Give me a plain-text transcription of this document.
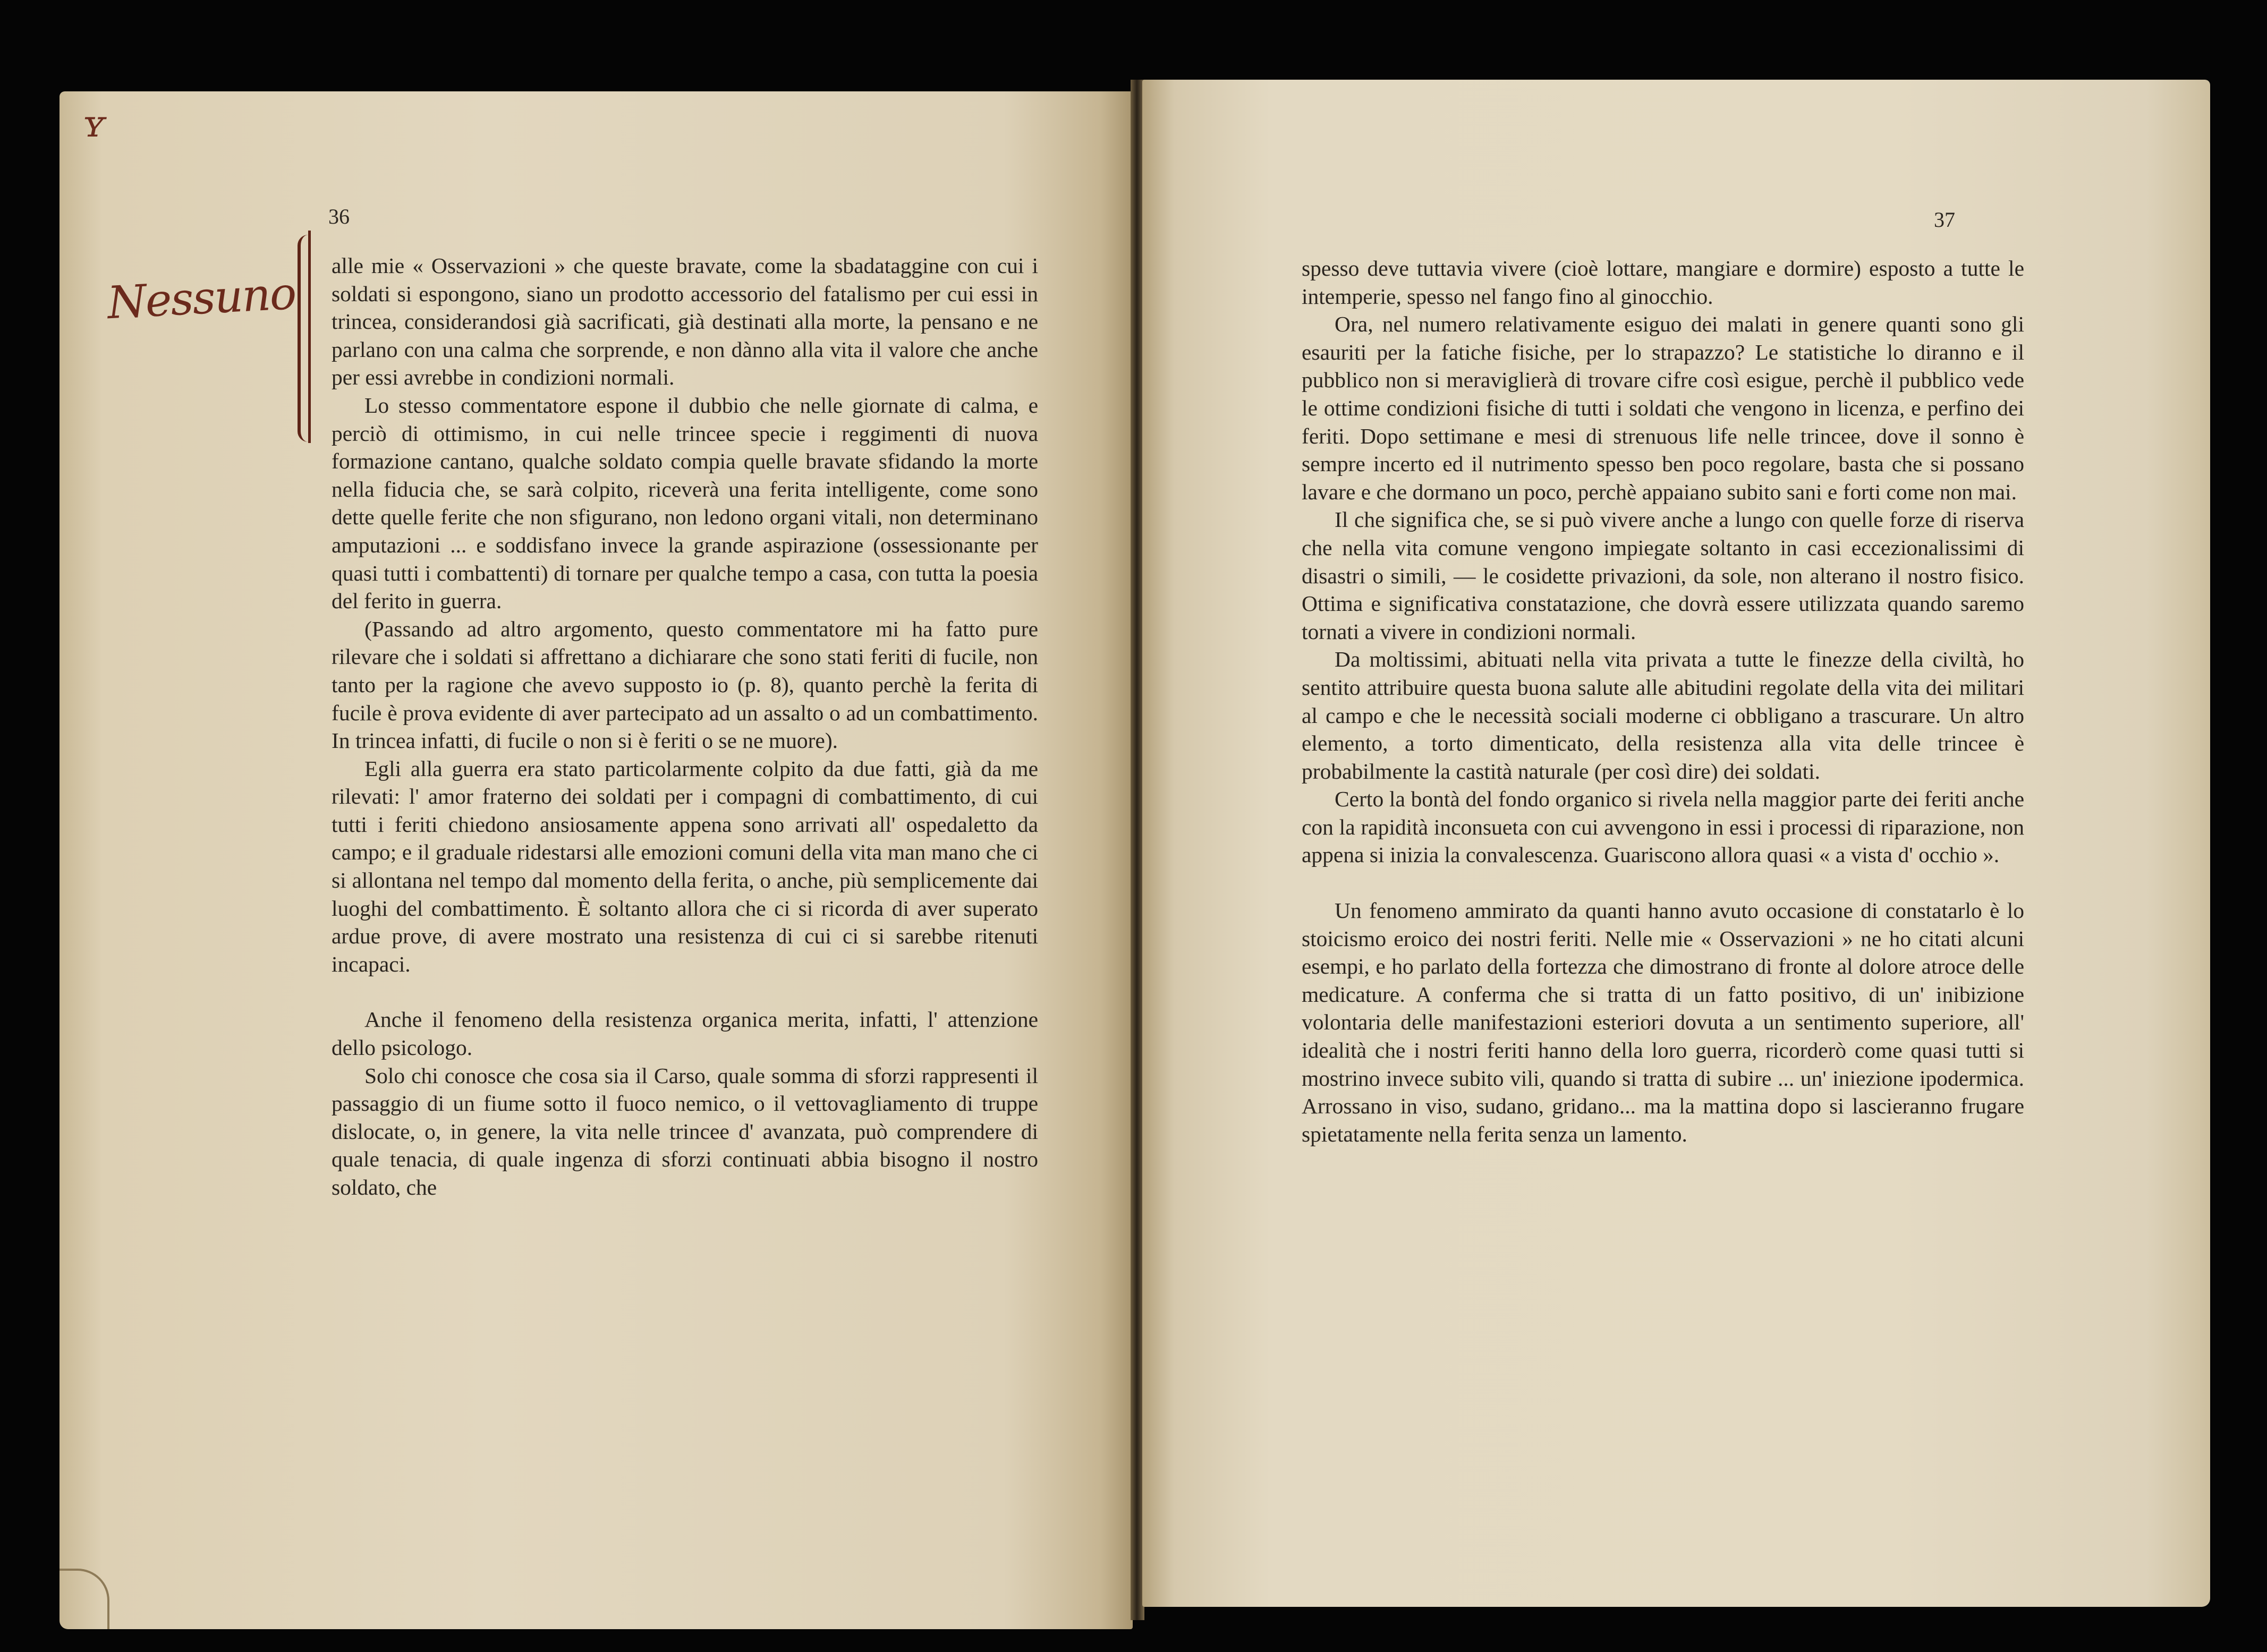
ʏ
36
Nessuno

alle mie « Osservazioni » che queste bravate, come la sbadataggine con cui i soldati si espongono, siano un prodotto accessorio del fatalismo per cui essi in trincea, considerandosi già sacrificati, già destinati alla morte, la pensano e ne parlano con una calma che sorprende, e non dànno alla vita il valore che anche per essi avrebbe in condizioni normali.

Lo stesso commentatore espone il dubbio che nelle giornate di calma, e perciò di ottimismo, in cui nelle trincee specie i reggimenti di nuova formazione cantano, qualche soldato compia quelle bravate sfidando la morte nella fiducia che, se sarà colpito, riceverà una ferita intelligente, come sono dette quelle ferite che non sfigurano, non ledono organi vitali, non determinano amputazioni ... e soddisfano invece la grande aspirazione (ossessionante per quasi tutti i combattenti) di tornare per qualche tempo a casa, con tutta la poesia del ferito in guerra.

(Passando ad altro argomento, questo commentatore mi ha fatto pure rilevare che i soldati si affrettano a dichiarare che sono stati feriti di fucile, non tanto per la ragione che avevo supposto io (p. 8), quanto perchè la ferita di fucile è prova evidente di aver partecipato ad un assalto o ad un combattimento. In trincea infatti, di fucile o non si è feriti o se ne muore).

Egli alla guerra era stato particolarmente colpito da due fatti, già da me rilevati: l' amor fraterno dei soldati per i compagni di combattimento, di cui tutti i feriti chiedono ansiosamente appena sono arrivati all' ospedaletto da campo; e il graduale ridestarsi alle emozioni comuni della vita man mano che ci si allontana nel tempo dal momento della ferita, o anche, più semplicemente dai luoghi del combattimento. È soltanto allora che ci si ricorda di aver superato ardue prove, di avere mostrato una resistenza di cui ci si sarebbe ritenuti incapaci.

Anche il fenomeno della resistenza organica merita, infatti, l' attenzione dello psicologo.

Solo chi conosce che cosa sia il Carso, quale somma di sforzi rappresenti il passaggio di un fiume sotto il fuoco nemico, o il vettovagliamento di truppe dislocate, o, in genere, la vita nelle trincee d' avanzata, può comprendere di quale tenacia, di quale ingenza di sforzi continuati abbia bisogno il nostro soldato, che

37

spesso deve tuttavia vivere (cioè lottare, mangiare e dormire) esposto a tutte le intemperie, spesso nel fango fino al ginocchio.

Ora, nel numero relativamente esiguo dei malati in genere quanti sono gli esauriti per la fatiche fisiche, per lo strapazzo? Le statistiche lo diranno e il pubblico non si meraviglierà di trovare cifre così esigue, perchè il pubblico vede le ottime condizioni fisiche di tutti i soldati che vengono in licenza, e perfino dei feriti. Dopo settimane e mesi di strenuous life nelle trincee, dove il sonno è sempre incerto ed il nutrimento spesso ben poco regolare, basta che si possano lavare e che dormano un poco, perchè appaiano subito sani e forti come non mai.

Il che significa che, se si può vivere anche a lungo con quelle forze di riserva che nella vita comune vengono impiegate soltanto in casi eccezionalissimi di disastri o simili, — le cosidette privazioni, da sole, non alterano il nostro fisico. Ottima e significativa constatazione, che dovrà essere utilizzata quando saremo tornati a vivere in condizioni normali.

Da moltissimi, abituati nella vita privata a tutte le finezze della civiltà, ho sentito attribuire questa buona salute alle abitudini regolate della vita dei militari al campo e che le necessità sociali moderne ci obbligano a trascurare. Un altro elemento, a torto dimenticato, della resistenza alla vita delle trincee è probabilmente la castità naturale (per così dire) dei soldati.

Certo la bontà del fondo organico si rivela nella maggior parte dei feriti anche con la rapidità inconsueta con cui avvengono in essi i processi di riparazione, non appena si inizia la convalescenza. Guariscono allora quasi « a vista d' occhio ».

Un fenomeno ammirato da quanti hanno avuto occasione di constatarlo è lo stoicismo eroico dei nostri feriti. Nelle mie « Osservazioni » ne ho citati alcuni esempi, e ho parlato della fortezza che dimostrano di fronte al dolore atroce delle medicature. A conferma che si tratta di un fatto positivo, di un' inibizione volontaria delle manifestazioni esteriori dovuta a un sentimento superiore, all' idealità che i nostri feriti hanno della loro guerra, ricorderò come quasi tutti si mostrino invece subito vili, quando si tratta di subire ... un' iniezione ipodermica. Arrossano in viso, sudano, gridano... ma la mattina dopo si lascieranno frugare spietatamente nella ferita senza un lamento.
